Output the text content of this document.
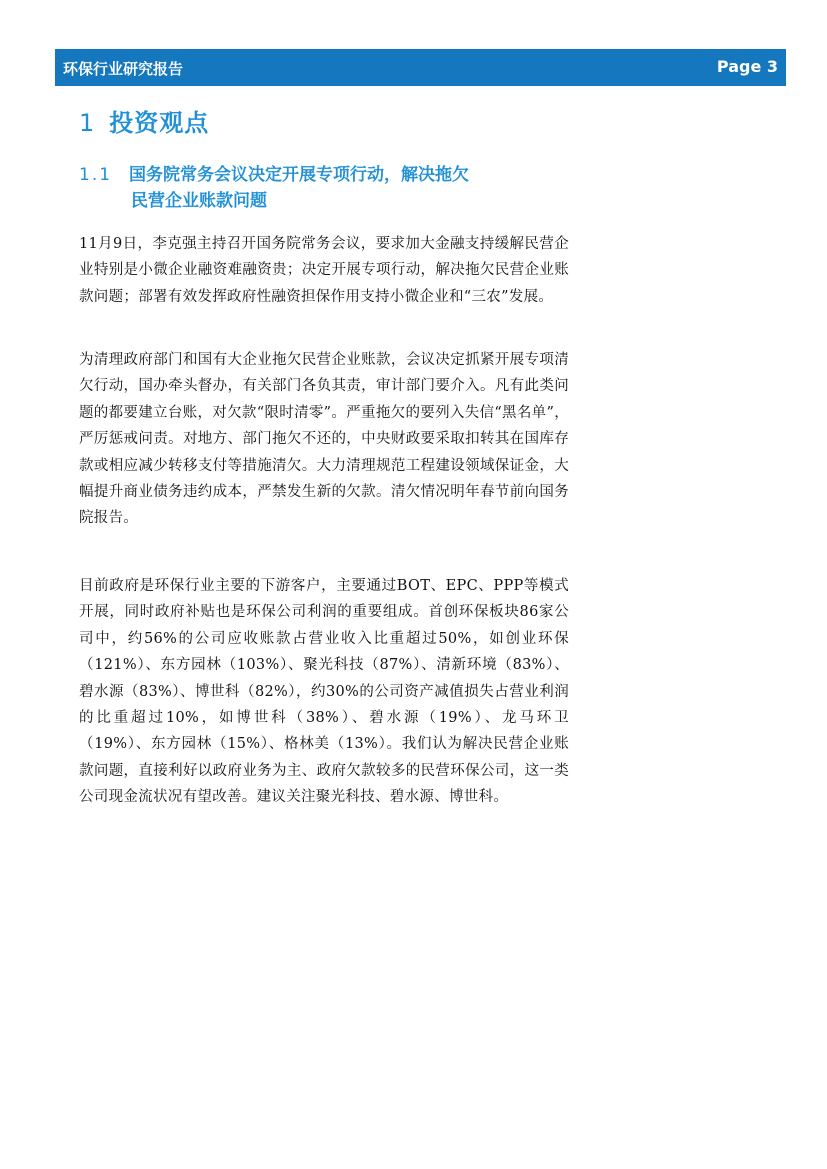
环保行业研究报告	Page 3
1 投资观点
1.1 国务院常务会议决定开展专项行动，解决拖欠
民营企业账款问题

11月9日，李克强主持召开国务院常务会议，要求加大金融支持缓解民营企业特别是小微企业融资难融资贵；决定开展专项行动，解决拖欠民营企业账款问题；部署有效发挥政府性融资担保作用支持小微企业和“三农”发展。

为清理政府部门和国有大企业拖欠民营企业账款，会议决定抓紧开展专项清欠行动，国办牵头督办，有关部门各负其责，审计部门要介入。凡有此类问题的都要建立台账，对欠款“限时清零”。严重拖欠的要列入失信“黑名单”，严厉惩戒问责。对地方、部门拖欠不还的，中央财政要采取扣转其在国库存款或相应减少转移支付等措施清欠。大力清理规范工程建设领域保证金，大幅提升商业债务违约成本，严禁发生新的欠款。清欠情况明年春节前向国务院报告。

目前政府是环保行业主要的下游客户，主要通过BOT、EPC、PPP等模式开展，同时政府补贴也是环保公司利润的重要组成。首创环保板块86家公司中，约56%的公司应收账款占营业收入比重超过50%，如创业环保（121%）、东方园林（103%）、聚光科技（87%）、清新环境（83%）、碧水源（83%）、博世科（82%），约30%的公司资产减值损失占营业利润的比重超过10%，如博世科（38%）、碧水源（19%）、龙马环卫（19%）、东方园林（15%）、格林美（13%）。我们认为解决民营企业账款问题，直接利好以政府业务为主、政府欠款较多的民营环保公司，这一类公司现金流状况有望改善。建议关注聚光科技、碧水源、博世科。
